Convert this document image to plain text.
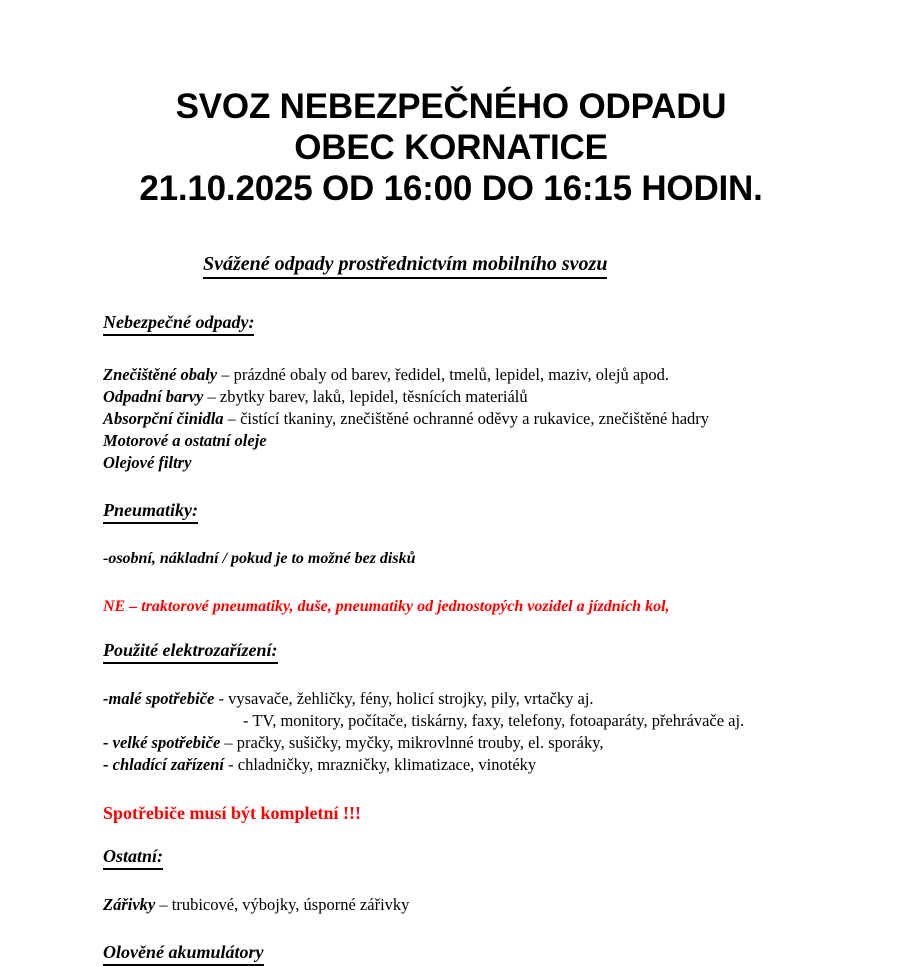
SVOZ NEBEZPEČNÉHO ODPADU
OBEC KORNATICE
21.10.2025 OD 16:00 DO 16:15 HODIN.
Svážené odpady prostřednictvím mobilního svozu
Nebezpečné odpady:
Znečištěné obaly – prázdné obaly od barev, ředidel, tmelů, lepidel, maziv, olejů apod.
Odpadní barvy – zbytky barev, laků, lepidel, těsnících materiálů
Absorpční činidla – čistící tkaniny, znečištěné ochranné oděvy a rukavice, znečištěné hadry
Motorové a ostatní oleje
Olejové filtry
Pneumatiky:
-osobní, nákladní / pokud je to možné bez disků
NE – traktorové pneumatiky, duše, pneumatiky od jednostopých vozidel a jízdních kol,
Použité elektrozařízení:
-malé spotřebiče - vysavače, žehličky, fény, holicí strojky, pily, vrtačky aj.
- TV, monitory, počítače, tiskárny, faxy, telefony, fotoaparáty, přehrávače aj.
- velké spotřebiče – pračky, sušičky, myčky, mikrovlnné trouby, el. sporáky,
- chladící zařízení - chladničky, mrazničky, klimatizace, vinotéky
Spotřebiče musí být kompletní !!!
Ostatní:
Zářivky – trubicové, výbojky, úsporné zářivky
Olověné akumulátory
